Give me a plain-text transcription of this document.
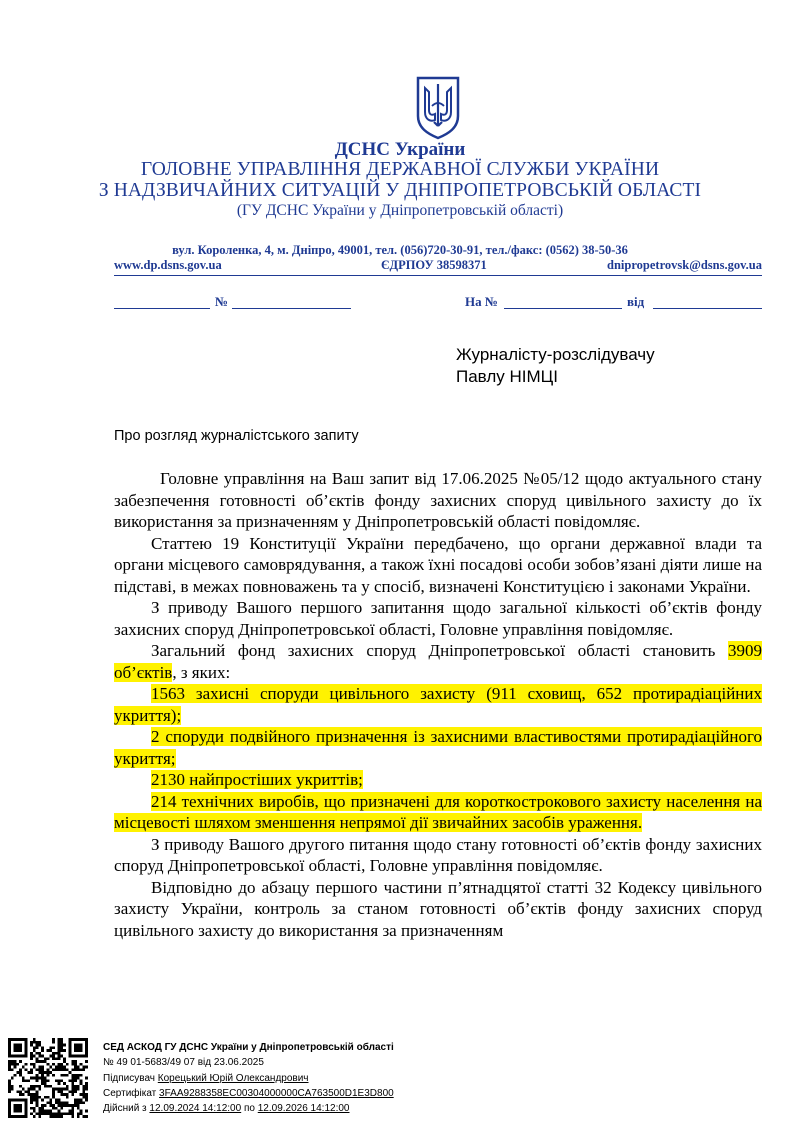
ДСНС України
ГОЛОВНЕ УПРАВЛІННЯ ДЕРЖАВНОЇ СЛУЖБИ УКРАЇНИ
З НАДЗВИЧАЙНИХ СИТУАЦІЙ У ДНІПРОПЕТРОВСЬКІЙ ОБЛАСТІ
(ГУ ДСНС України у Дніпропетровській області)
вул. Короленка, 4, м. Дніпро, 49001, тел. (056)720-30-91, тел./факс: (0562) 38-50-36
www.dp.dsns.gov.ua	ЄДРПОУ 38598371	dnipropetrovsk@dsns.gov.ua
№	На №	від
Журналісту-розслідувачу
Павлу НІМЦІ
Про розгляд журналістського запиту

Головне управління на Ваш запит від 17.06.2025 №05/12 щодо актуального стану забезпечення готовності об’єктів фонду захисних споруд цивільного захисту до їх використання за призначенням у Дніпропетровській області повідомляє.

Статтею 19 Конституції України передбачено, що органи державної влади та органи місцевого самоврядування, а також їхні посадові особи зобов’язані діяти лише на підставі, в межах повноважень та у спосіб, визначені Конституцією і законами України.

З приводу Вашого першого запитання щодо загальної кількості об’єктів фонду захисних споруд Дніпропетровської області, Головне управління повідомляє.

Загальний фонд захисних споруд Дніпропетровської області становить 3909 об’єктів, з яких:

1563 захисні споруди цивільного захисту (911 сховищ, 652 протирадіаційних укриття);

2 споруди подвійного призначення із захисними властивостями протирадіаційного укриття;

2130 найпростіших укриттів;

214 технічних виробів, що призначені для короткострокового захисту населення на місцевості шляхом зменшення непрямої дії звичайних засобів ураження.

З приводу Вашого другого питання щодо стану готовності об’єктів фонду захисних споруд Дніпропетровської області, Головне управління повідомляє.

Відповідно до абзацу першого частини п’ятнадцятої статті 32 Кодексу цивільного захисту України, контроль за станом готовності об’єктів фонду захисних споруд цивільного захисту до використання за призначенням

СЕД АСКОД ГУ ДСНС України у Дніпропетровській області
№ 49 01-5683/49 07 від 23.06.2025
Підписувач Корецький Юрій Олександрович
Сертифікат 3FAA9288358EC00304000000CA763500D1E3D800
Дійсний з 12.09.2024 14:12:00 по 12.09.2026 14:12:00
